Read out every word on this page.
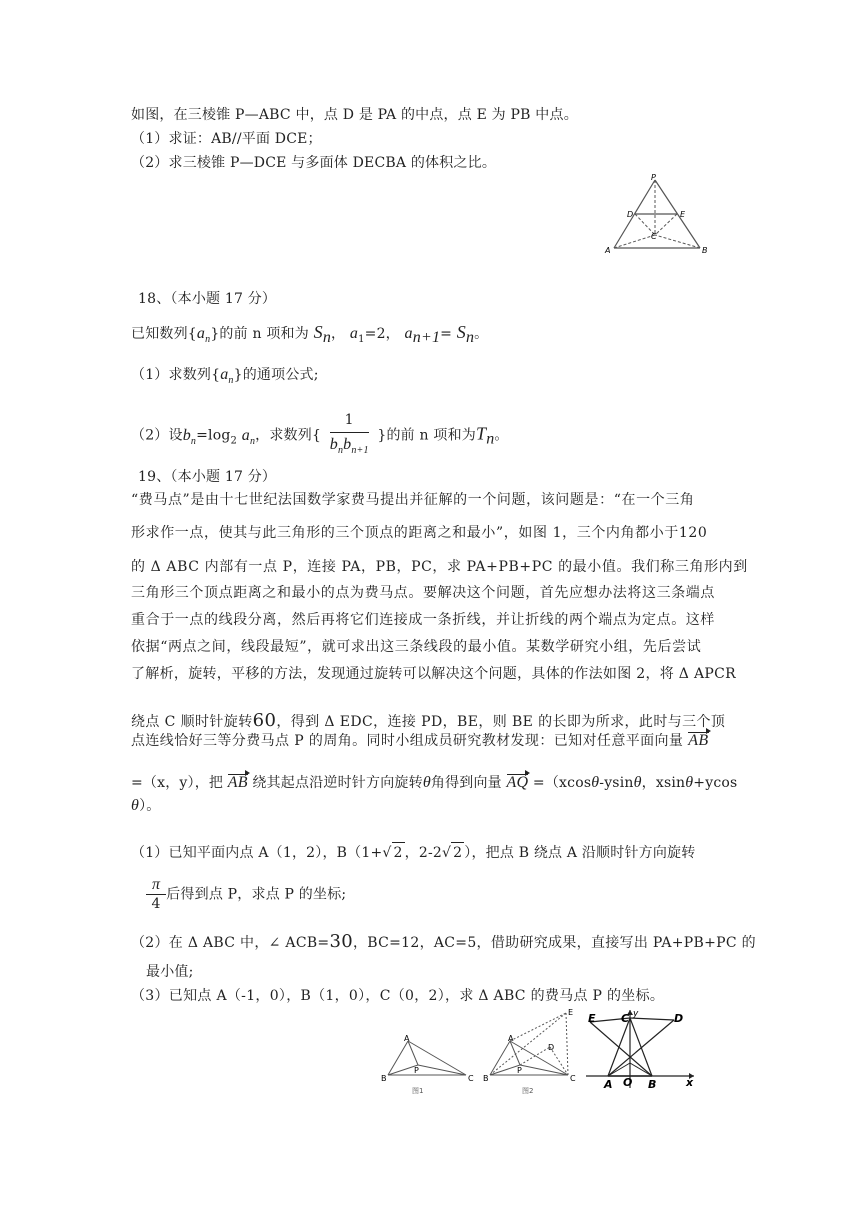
如图，在三棱锥 P—ABC 中，点 D 是 PA 的中点，点 E 为 PB 中点。
（1）求证：AB//平面 DCE；
（2）求三棱锥 P—DCE 与多面体 DECBA 的体积之比。
P
D	E
C
A	B
18、（本小题 17 分）
已知数列$\{a_n\}$的前 n 项和为 $S_n$， $a_1=2$， $a_{n+1}= S_n$。
（1）求数列$\{a_n\}$的通项公式;
（2）设$b_n=\log_2$ $a_n$，求数列{ $\frac{1}{b_nb_{n+1}}$ }的前 n 项和为$T_n$。
19、（本小题 17 分）
“费马点”是由十七世纪法国数学家费马提出并征解的一个问题，该问题是：“在一个三角
形求作一点，使其与此三角形的三个顶点的距离之和最小”，如图 1，三个内角都小于120
的 Δ ABC 内部有一点 P，连接 PA，PB，PC，求 PA+PB+PC 的最小值。我们称三角形内到
三角形三个顶点距离之和最小的点为费马点。要解决这个问题，首先应想办法将这三条端点
重合于一点的线段分离，然后再将它们连接成一条折线，并让折线的两个端点为定点。这样
依据“两点之间，线段最短”，就可求出这三条线段的最小值。某数学研究小组，先后尝试
了解析，旋转，平移的方法，发现通过旋转可以解决这个问题，具体的作法如图 2，将 Δ APCR
绕点 C 顺时针旋转60，得到 Δ EDC，连接 PD，BE，则 BE 的长即为所求，此时与三个顶
点连线恰好三等分费马点 P 的周角。同时小组成员研究教材发现：已知对任意平面向量 AB
=（x，y），把 AB 绕其起点沿逆时针方向旋转θ角得到向量 AQ =（xcosθ-ysinθ，xsinθ+ycos
θ）。
（1）已知平面内点 A（1，2），B（1+√ 2 ，2-2√ 2 ），把点 B 绕点 A 沿顺时针方向旋转
$\frac{\pi}{4}$ 后得到点 P，求点 P 的坐标;
（2）在 Δ ABC 中，∠ ACB=30，BC=12，AC=5，借助研究成果，直接写出 PA+PB+PC 的
最小值;
（3）已知点 A（-1，0），B（1，0），C（0，2），求 Δ ABC 的费马点 P 的坐标。
A
B
P
C
图1
E
A
D
B
P
C
图2
E C y	D
A O B	x
